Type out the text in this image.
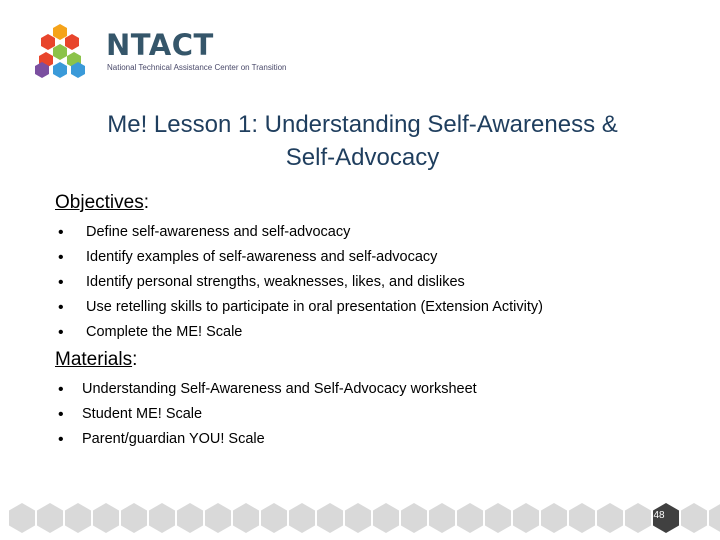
NTACT
National Technical Assistance Center on Transition
Me! Lesson 1: Understanding Self-Awareness & Self-Advocacy
Objectives:
• Define self-awareness and self-advocacy
• Identify examples of self-awareness and self-advocacy
• Identify personal strengths, weaknesses, likes, and dislikes
• Use retelling skills to participate in oral presentation (Extension Activity)
• Complete the ME! Scale
Materials:
• Understanding Self-Awareness and Self-Advocacy worksheet
• Student ME! Scale
• Parent/guardian YOU! Scale
48
